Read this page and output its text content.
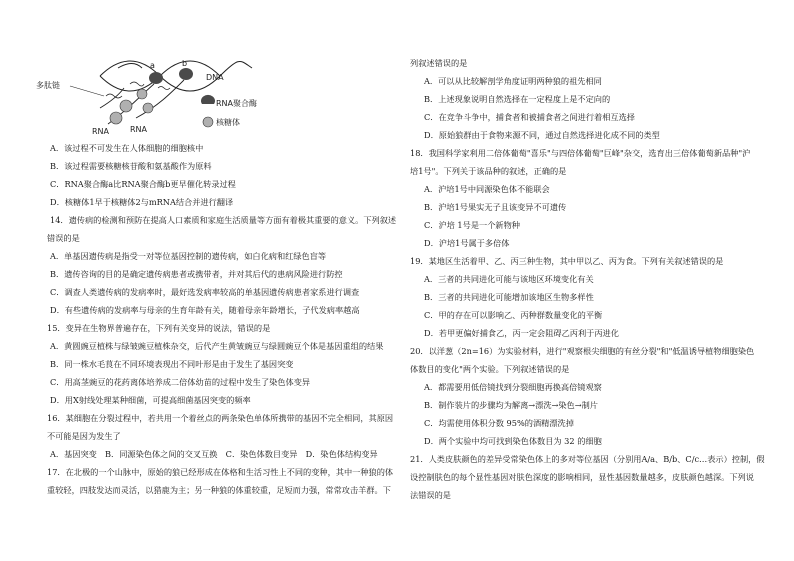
DNA
多肽链
RNA
RNA
a	b
RNA聚合酶
核糖体
A．该过程不可发生在人体细胞的细胞核中
B．该过程需要核糖核苷酸和氨基酸作为原料
C．RNA聚合酶a比RNA聚合酶b更早催化转录过程
D．核糖体1早于核糖体2与mRNA结合并进行翻译
14．遗传病的检测和预防在提高人口素质和家庭生活质量等方面有着极其重要的意义。下列叙述
错误的是
A．单基因遗传病是指受一对等位基因控制的遗传病，如白化病和红绿色盲等
B．遗传咨询的目的是确定遗传病患者或携带者，并对其后代的患病风险进行防控
C．调查人类遗传病的发病率时，最好选发病率较高的单基因遗传病患者家系进行调查
D．有些遗传病的发病率与母亲的生育年龄有关，随着母亲年龄增长，子代发病率越高
15．变异在生物界普遍存在，下列有关变异的说法，错误的是
A．黄圆豌豆植株与绿皱豌豆植株杂交，后代产生黄皱豌豆与绿圆豌豆个体是基因重组的结果
B．同一株水毛茛在不同环境表现出不同叶形是由于发生了基因突变
C．用高茎豌豆的花药离体培养成二倍体幼苗的过程中发生了染色体变异
D．用X射线处理某种细菌，可提高细菌基因突变的频率
16．某细胞在分裂过程中，若共用一个着丝点的两条染色单体所携带的基因不完全相同，其原因
不可能是因为发生了
A．基因突变　B．同源染色体之间的交叉互换　C．染色体数目变异　D．染色体结构变异
17．在北极的一个山脉中，原始的狼已经形成在体格和生活习性上不同的变种，其中一种狼的体
重较轻，四肢发达而灵活，以猎鹿为主；另一种狼的体重较重，足短而力强，常常攻击羊群。下
列叙述错误的是
A．可以从比较解剖学角度证明两种狼的祖先相同
B．上述现象说明自然选择在一定程度上是不定向的
C．在竞争斗争中，捕食者和被捕食者之间进行着相互选择
D．原始狼群由于食物来源不同，通过自然选择进化成不同的类型
18．我国科学家利用二倍体葡萄"喜乐"与四倍体葡萄"巨峰"杂交，选育出三倍体葡萄新品种"沪
培1号"。下列关于该品种的叙述，正确的是
A．沪培1号中同源染色体不能联会
B．沪培1号果实无子且该变异不可遗传
C．沪培 1号是一个新物种
D．沪培1号属于多倍体
19．某地区生活着甲、乙、丙三种生物，其中甲以乙、丙为食。下列有关叙述错误的是
A．三者的共同进化可能与该地区环境变化有关
B．三者的共同进化可能增加该地区生物多样性
C．甲的存在可以影响乙、丙种群数量变化的平衡
D．若甲更偏好捕食乙，丙一定会阻碍乙丙利于丙进化
20．以洋葱（2n=16）为实验材料，进行"观察根尖细胞的有丝分裂"和"低温诱导植物细胞染色
体数目的变化"两个实验。下列叙述错误的是
A．都需要用低倍镜找到分裂细胞再换高倍镜观察
B．制作装片的步骤均为解离→漂洗→染色→制片
C．均需使用体积分数 95%的酒精漂洗掉
D．两个实验中均可找到染色体数目为 32 的细胞
21．人类皮肤颜色的差异受常染色体上的多对等位基因（分别用A/a、B/b、C/c…表示）控制，假
设控制肤色的每个显性基因对肤色深度的影响相同，显性基因数量越多，皮肤颜色越深。下列说
法错误的是
